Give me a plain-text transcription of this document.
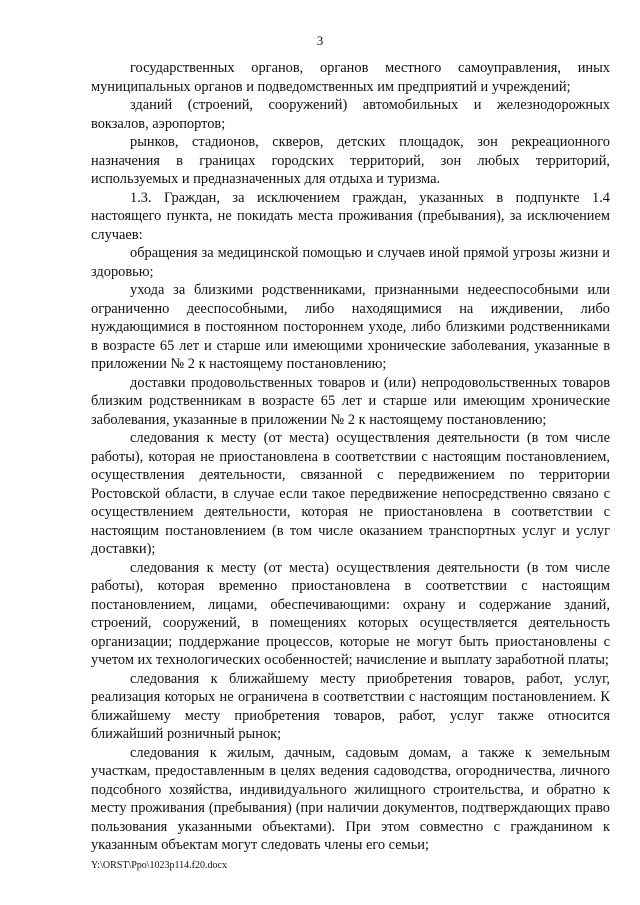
3

государственных органов, органов местного самоуправления, иных муниципальных органов и подведомственных им предприятий и учреждений;

зданий (строений, сооружений) автомобильных и железнодорожных вокзалов, аэропортов;

рынков, стадионов, скверов, детских площадок, зон рекреационного назначения в границах городских территорий, зон любых территорий, используемых и предназначенных для отдыха и туризма.

1.3. Граждан, за исключением граждан, указанных в подпункте 1.4 настоящего пункта, не покидать места проживания (пребывания), за исключением случаев:

обращения за медицинской помощью и случаев иной прямой угрозы жизни и здоровью;

ухода за близкими родственниками, признанными недееспособными или ограниченно дееспособными, либо находящимися на иждивении, либо нуждающимися в постоянном постороннем уходе, либо близкими родственниками в возрасте 65 лет и старше или имеющими хронические заболевания, указанные в приложении № 2 к настоящему постановлению;

доставки продовольственных товаров и (или) непродовольственных товаров близким родственникам в возрасте 65 лет и старше или имеющим хронические заболевания, указанные в приложении № 2 к настоящему постановлению;

следования к месту (от места) осуществления деятельности (в том числе работы), которая не приостановлена в соответствии с настоящим постановлением, осуществления деятельности, связанной с передвижением по территории Ростовской области, в случае если такое передвижение непосредственно связано с осуществлением деятельности, которая не приостановлена в соответствии с настоящим постановлением (в том числе оказанием транспортных услуг и услуг доставки);

следования к месту (от места) осуществления деятельности (в том числе работы), которая временно приостановлена в соответствии с настоящим постановлением, лицами, обеспечивающими: охрану и содержание зданий, строений, сооружений, в помещениях которых осуществляется деятельность организации; поддержание процессов, которые не могут быть приостановлены с учетом их технологических особенностей; начисление и выплату заработной платы;

следования к ближайшему месту приобретения товаров, работ, услуг, реализация которых не ограничена в соответствии с настоящим постановлением. К ближайшему месту приобретения товаров, работ, услуг также относится ближайший розничный рынок;

следования к жилым, дачным, садовым домам, а также к земельным участкам, предоставленным в целях ведения садоводства, огородничества, личного подсобного хозяйства, индивидуального жилищного строительства, и обратно к месту проживания (пребывания) (при наличии документов, подтверждающих право пользования указанными объектами). При этом совместно с гражданином к указанным объектам могут следовать члены его семьи;

Y:\ORST\Ppo\1023p114.f20.docx
